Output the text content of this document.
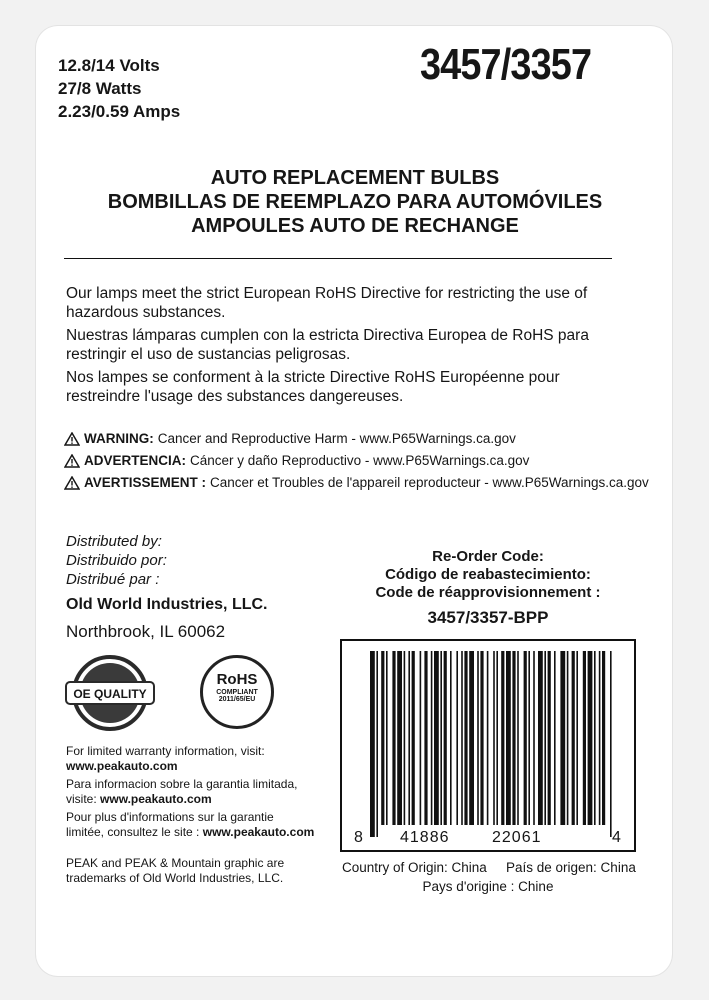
12.8/14 Volts
27/8 Watts
2.23/0.59 Amps
3457/3357
AUTO REPLACEMENT BULBS
BOMBILLAS DE REEMPLAZO PARA AUTOMÓVILES
AMPOULES AUTO DE RECHANGE

Our lamps meet the strict European RoHS Directive for restricting the use of hazardous substances.

Nuestras lámparas cumplen con la estricta Directiva Europea de RoHS para restringir el uso de sustancias peligrosas.

Nos lampes se conforment à la stricte Directive RoHS Européenne pour restreindre l'usage des substances dangereuses.

WARNING: Cancer and Reproductive Harm - www.P65Warnings.ca.gov
ADVERTENCIA: Cáncer y daño Reproductivo - www.P65Warnings.ca.gov
AVERTISSEMENT : Cancer et Troubles de l'appareil reproducteur - www.P65Warnings.ca.gov
Distributed by:
Distribuido por:
Distribué par :
Old World Industries, LLC.
Northbrook, IL 60062
Re-Order Code:
Código de reabastecimiento:
Code de réapprovisionnement :
3457/3357-BPP
8 41886	22061	4
Country of Origin: China País de origen: China
Pays d'origine : Chine
OE QUALITY
RoHS
COMPLIANT
2011/65/EU

For limited warranty information, visit:
www.peakauto.com

Para informacion sobre la garantia limitada,
visite: www.peakauto.com

Pour plus d'informations sur la garantie
limitée, consultez le site : www.peakauto.com

PEAK and PEAK & Mountain graphic are
trademarks of Old World Industries, LLC.
